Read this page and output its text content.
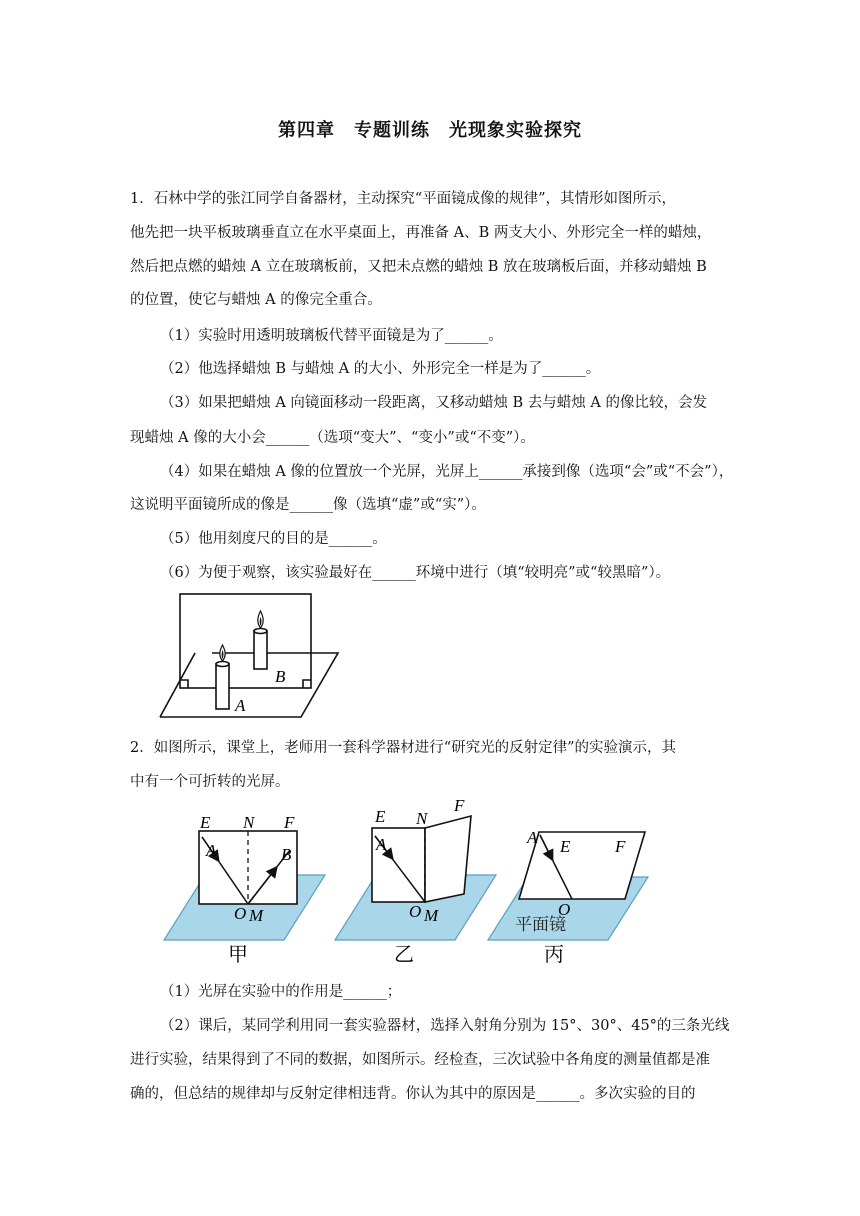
第四章　专题训练　光现象实验探究
1．石林中学的张江同学自备器材，主动探究“平面镜成像的规律”，其情形如图所示，
他先把一块平板玻璃垂直立在水平桌面上，再准备 A、B 两支大小、外形完全一样的蜡烛，
然后把点燃的蜡烛 A 立在玻璃板前，又把未点燃的蜡烛 B 放在玻璃板后面，并移动蜡烛 B
的位置，使它与蜡烛 A 的像完全重合。
（1）实验时用透明玻璃板代替平面镜是为了______。
（2）他选择蜡烛 B 与蜡烛 A 的大小、外形完全一样是为了______。
（3）如果把蜡烛 A 向镜面移动一段距离，又移动蜡烛 B 去与蜡烛 A 的像比较，会发
现蜡烛 A 像的大小会______（选项“变大”、“变小”或“不变”）。
（4）如果在蜡烛 A 像的位置放一个光屏，光屏上______承接到像（选项“会”或“不会”），
这说明平面镜所成的像是______像（选填“虚”或“实”）。
（5）他用刻度尺的目的是______。
（6）为便于观察，该实验最好在______环境中进行（填“较明亮”或“较黑暗”）。
B
A
2．如图所示，课堂上，老师用一套科学器材进行“研究光的反射定律”的实验演示，其
中有一个可折转的光屏。
E N F
A	B
O M
甲
E N
F
A
O M
乙
A E	F
O
平面镜
丙
（1）光屏在实验中的作用是______；
（2）课后，某同学利用同一套实验器材，选择入射角分别为 15°、30°、45°的三条光线
进行实验，结果得到了不同的数据，如图所示。经检查，三次试验中各角度的测量值都是准
确的，但总结的规律却与反射定律相违背。你认为其中的原因是______。多次实验的目的
